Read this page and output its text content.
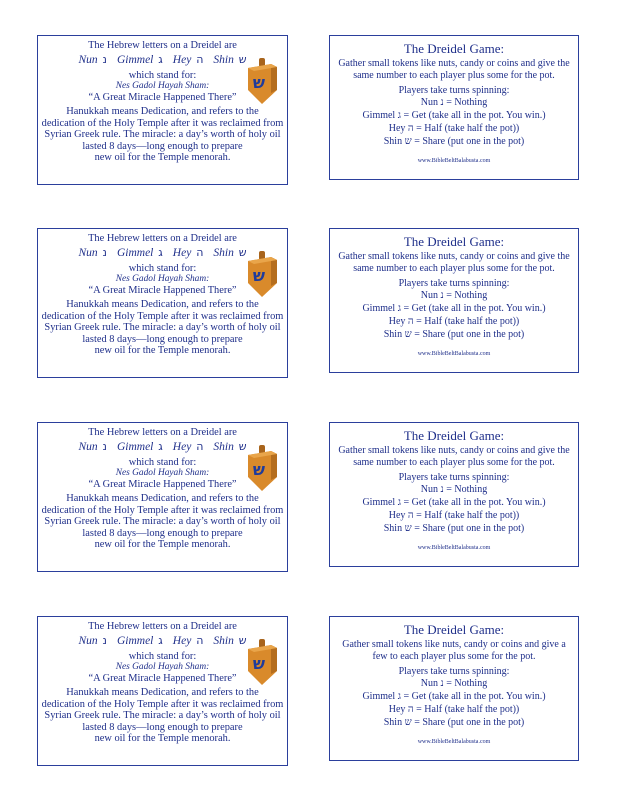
The Hebrew letters on a Dreidel are
Nun נ Gimmel ג Hey ה Shin ש
which stand for:
Nes Gadol Hayah Sham:
“A Great Miracle Happened There”
Hanukkah means Dedication, and refers to the
dedication of the Holy Temple after it was reclaimed from
Syrian Greek rule. The miracle: a day’s worth of holy oil
lasted 8 days—long enough to prepare
new oil for the Temple menorah.
ש
The Dreidel Game:
Gather small tokens like nuts, candy or coins and give the
same number to each player plus some for the pot.
Players take turns spinning:
Nun נ = Nothing
Gimmel ג = Get (take all in the pot. You win.)
Hey ה = Half (take half the pot))
Shin ש = Share (put one in the pot)
www.BibleBeltBalabusta.com
The Hebrew letters on a Dreidel are
Nun נ Gimmel ג Hey ה Shin ש
which stand for:
Nes Gadol Hayah Sham:
“A Great Miracle Happened There”
Hanukkah means Dedication, and refers to the
dedication of the Holy Temple after it was reclaimed from
Syrian Greek rule. The miracle: a day’s worth of holy oil
lasted 8 days—long enough to prepare
new oil for the Temple menorah.
ש
The Dreidel Game:
Gather small tokens like nuts, candy or coins and give the
same number to each player plus some for the pot.
Players take turns spinning:
Nun נ = Nothing
Gimmel ג = Get (take all in the pot. You win.)
Hey ה = Half (take half the pot))
Shin ש = Share (put one in the pot)
www.BibleBeltBalabusta.com
The Hebrew letters on a Dreidel are
Nun נ Gimmel ג Hey ה Shin ש
which stand for:
Nes Gadol Hayah Sham:
“A Great Miracle Happened There”
Hanukkah means Dedication, and refers to the
dedication of the Holy Temple after it was reclaimed from
Syrian Greek rule. The miracle: a day’s worth of holy oil
lasted 8 days—long enough to prepare
new oil for the Temple menorah.
ש
The Dreidel Game:
Gather small tokens like nuts, candy or coins and give the
same number to each player plus some for the pot.
Players take turns spinning:
Nun נ = Nothing
Gimmel ג = Get (take all in the pot. You win.)
Hey ה = Half (take half the pot))
Shin ש = Share (put one in the pot)
www.BibleBeltBalabusta.com
The Hebrew letters on a Dreidel are
Nun נ Gimmel ג Hey ה Shin ש
which stand for:
Nes Gadol Hayah Sham:
“A Great Miracle Happened There”
Hanukkah means Dedication, and refers to the
dedication of the Holy Temple after it was reclaimed from
Syrian Greek rule. The miracle: a day’s worth of holy oil
lasted 8 days—long enough to prepare
new oil for the Temple menorah.
ש
The Dreidel Game:
Gather small tokens like nuts, candy or coins and give a
few to each player plus some for the pot.
Players take turns spinning:
Nun נ = Nothing
Gimmel ג = Get (take all in the pot. You win.)
Hey ה = Half (take half the pot))
Shin ש = Share (put one in the pot)
www.BibleBeltBalabusta.com
